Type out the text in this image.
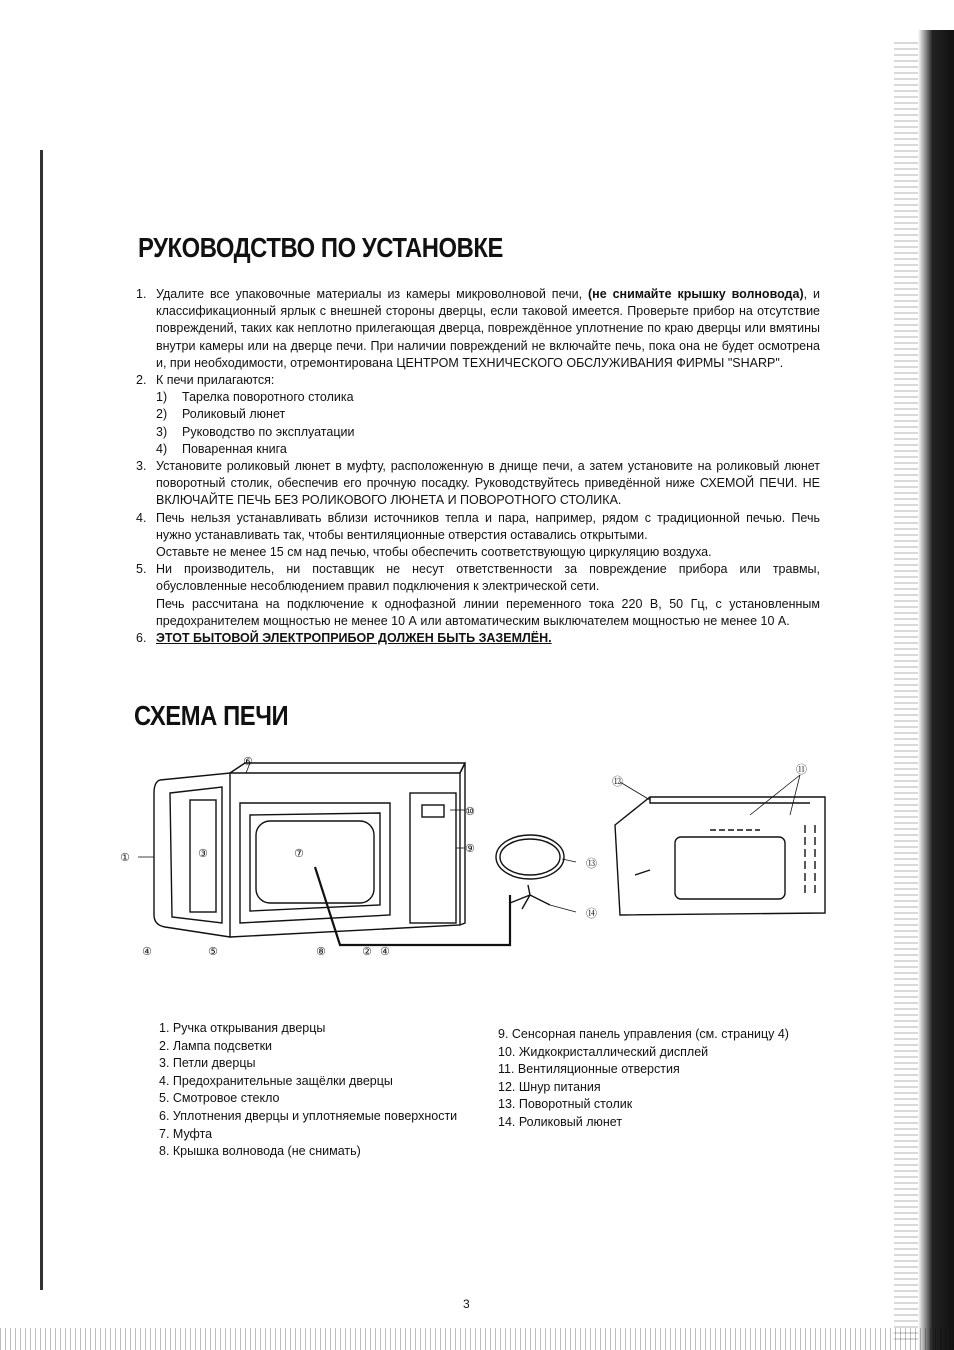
РУКОВОДСТВО ПО УСТАНОВКЕ

1. Удалите все упаковочные материалы из камеры микроволновой печи, (не снимайте крышку волновода), и классификационный ярлык с внешней стороны дверцы, если таковой имеется. Проверьте прибор на отсутствие повреждений, таких как неплотно прилегающая дверца, повреждённое уплотнение по краю дверцы или вмятины внутри камеры или на дверце печи. При наличии повреждений не включайте печь, пока она не будет осмотрена и, при необходимости, отремонтирована ЦЕНТРОМ ТЕХНИЧЕСКОГО ОБСЛУЖИВАНИЯ ФИРМЫ "SHARP".

2. К печи прилагаются:

1) Тарелка поворотного столика
2) Роликовый люнет
3) Руководство по эксплуатации
4) Поваренная книга

3. Установите роликовый люнет в муфту, расположенную в днище печи, а затем установите на роликовый люнет поворотный столик, обеспечив его прочную посадку. Руководствуйтесь приведённой ниже СХЕМОЙ ПЕЧИ. НЕ ВКЛЮЧАЙТЕ ПЕЧЬ БЕЗ РОЛИКОВОГО ЛЮНЕТА И ПОВОРОТНОГО СТОЛИКА.

4. Печь нельзя устанавливать вблизи источников тепла и пара, например, рядом с традиционной печью. Печь нужно устанавливать так, чтобы вентиляционные отверстия оставались открытыми.
Оставьте не менее 15 см над печью, чтобы обеспечить соответствующую циркуляцию воздуха.

5. Ни производитель, ни поставщик не несут ответственности за повреждение прибора или травмы, обусловленные несоблюдением правил подключения к электрической сети.
Печь рассчитана на подключение к однофазной линии переменного тока 220 В, 50 Гц, с установленным предохранителем мощностью не менее 10 А или автоматическим выключателем мощностью не менее 10 А.

6. ЭТОТ БЫТОВОЙ ЭЛЕКТРОПРИБОР ДОЛЖЕН БЫТЬ ЗАЗЕМЛЁН.

СХЕМА ПЕЧИ
①
②
③
④	④
⑤
⑥
⑦
⑧
⑨
⑩
⑪
⑫
⑬
⑭
1. Ручка открывания дверцы
2. Лампа подсветки
3. Петли дверцы
4. Предохранительные защёлки дверцы
5. Смотровое стекло
6. Уплотнения дверцы и уплотняемые поверхности
7. Муфта
8. Крышка волновода (не снимать)
9. Сенсорная панель управления (см. страницу 4)
10. Жидкокристаллический дисплей
11. Вентиляционные отверстия
12. Шнур питания
13. Поворотный столик
14. Роликовый люнет
3
